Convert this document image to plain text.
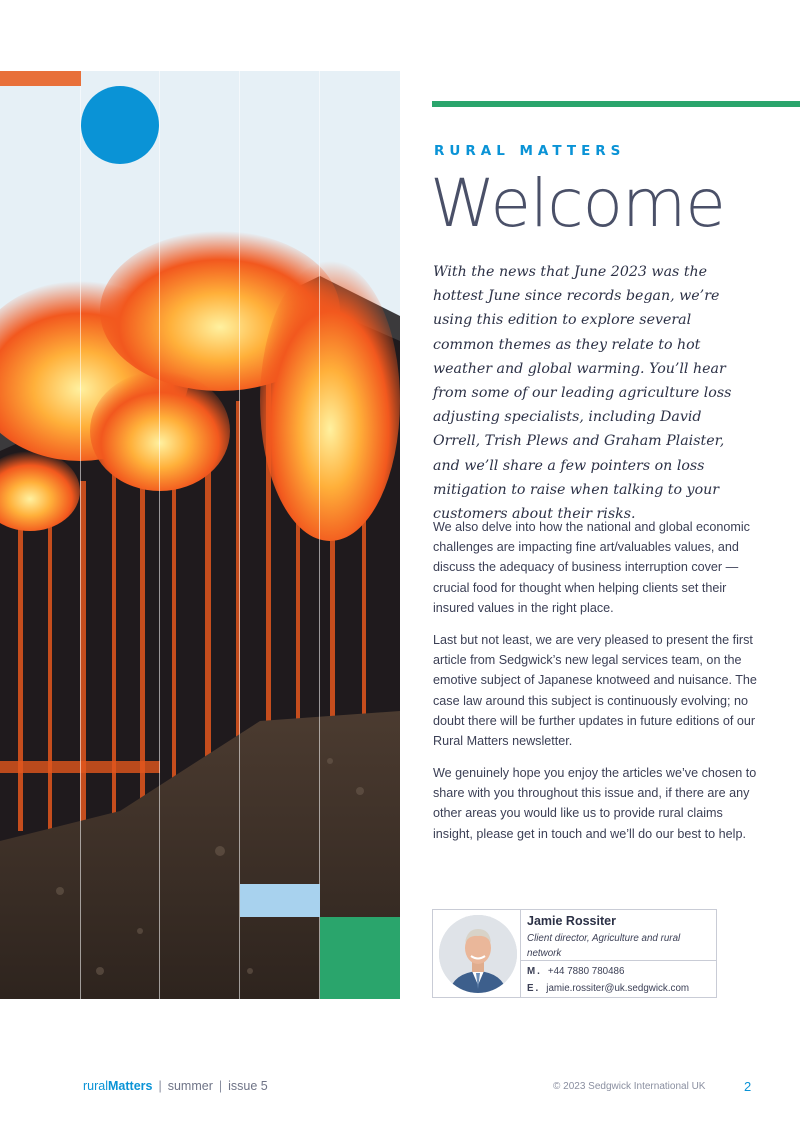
RURAL MATTERS
Welcome

With the news that June 2023 was the hottest June since records began, we’re using this edition to explore several common themes as they relate to hot weather and global warming. You’ll hear from some of our leading agriculture loss adjusting specialists, including David Orrell, Trish Plews and Graham Plaister, and we’ll share a few pointers on loss mitigation to raise when talking to your customers about their risks.

We also delve into how the national and global economic challenges are impacting fine art/valuables values, and discuss the adequacy of business interruption cover — crucial food for thought when helping clients set their insured values in the right place.

Last but not least, we are very pleased to present the first article from Sedgwick’s new legal services team, on the emotive subject of Japanese knotweed and nuisance. The case law around this subject is continuously evolving; no doubt there will be further updates in future editions of our Rural Matters newsletter.

We genuinely hope you enjoy the articles we’ve chosen to share with you throughout this issue and, if there are any other areas you would like us to provide rural claims insight, please get in touch and we’ll do our best to help.

Jamie Rossiter
Client director, Agriculture and rural network
M. +44 7880 780486
E. jamie.rossiter@uk.sedgwick.com
ruralMatters | summer | issue 5	© 2023 Sedgwick International UK	2
